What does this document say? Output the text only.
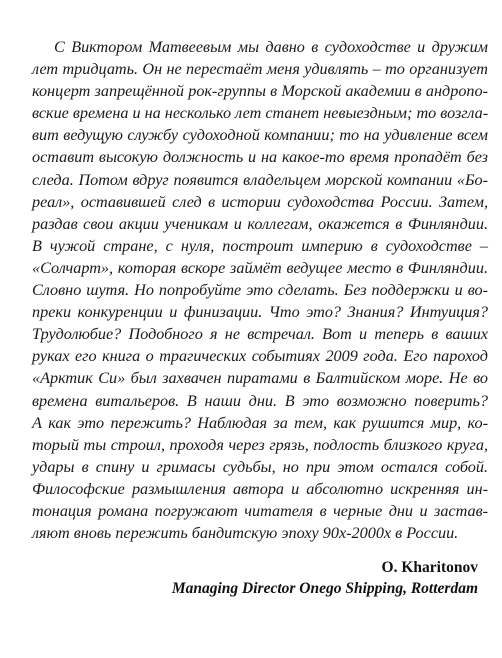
С Виктором Матвеевым мы давно в судоходстве и дружим
лет тридцать. Он не перестаёт меня удивлять – то организует
концерт запрещённой рок-группы в Морской академии в андропо-
вские времена и на несколько лет станет невыездным; то возгла-
вит ведущую службу судоходной компании; то на удивление всем
оставит высокую должность и на какое-то время пропадёт без
следа. Потом вдруг появится владельцем морской компании «Бо-
реал», оставившей след в истории судоходства России. Затем,
раздав свои акции ученикам и коллегам, окажется в Финляндии.
В чужой стране, с нуля, построит империю в судоходстве –
«Солчарт», которая вскоре займёт ведущее место в Финляндии.
Словно шутя. Но попробуйте это сделать. Без поддержки и во-
преки конкуренции и финизации. Что это? Знания? Интуиция?
Трудолюбие? Подобного я не встречал. Вот и теперь в ваших
руках его книга о трагических событиях 2009 года. Его пароход
«Арктик Си» был захвачен пиратами в Балтийском море. Не во
времена витальеров. В наши дни. В это возможно поверить?
А как это пережить? Наблюдая за тем, как рушится мир, ко-
торый ты строил, проходя через грязь, подлость близкого круга,
удары в спину и гримасы судьбы, но при этом остался собой.
Философские размышления автора и абсолютно искренняя ин-
тонация романа погружают читателя в черные дни и застав-
ляют вновь пережить бандитскую эпоху 90х-2000х в России.
O. Kharitonov
Managing Director Onego Shipping, Rotterdam
